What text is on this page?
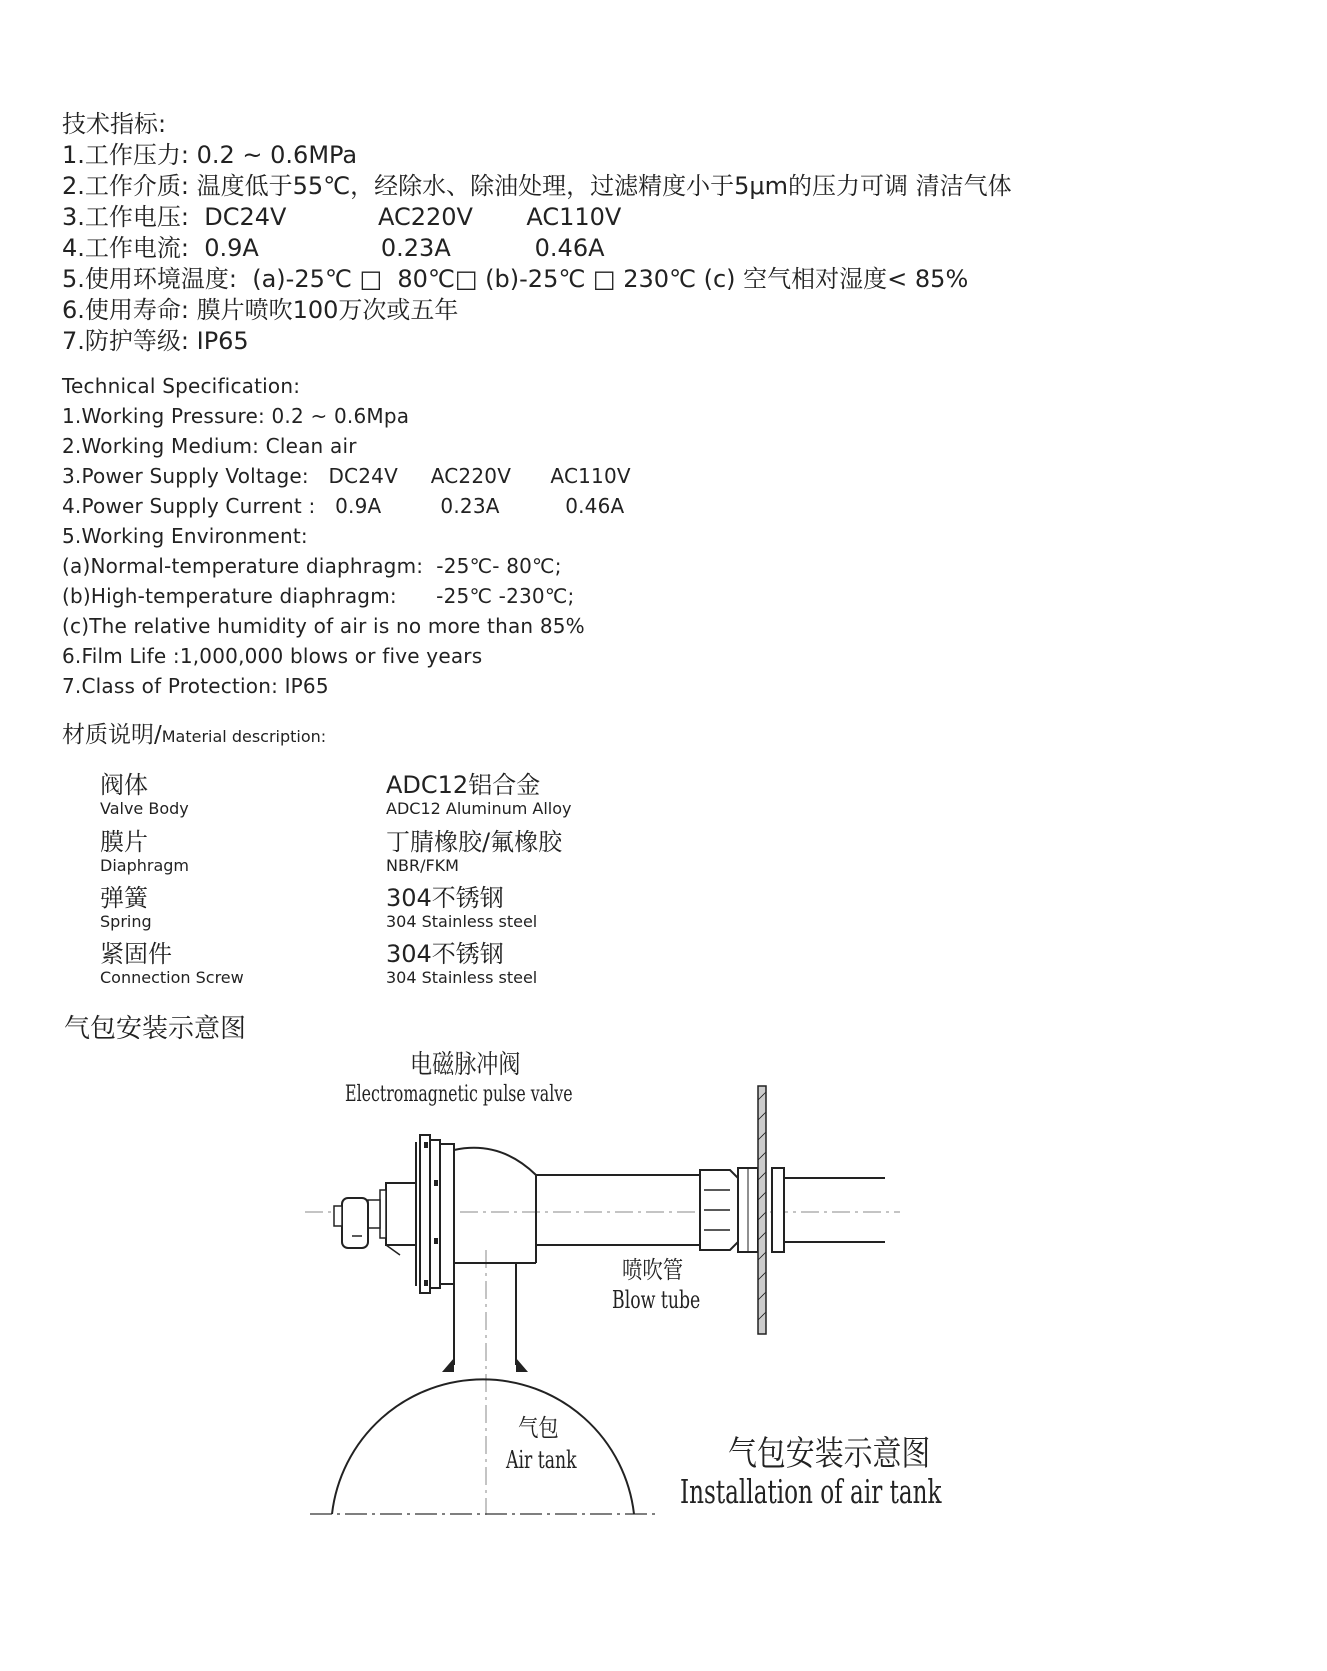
技术指标:
1.工作压力: 0.2 ~ 0.6MPa
2.工作介质: 温度低于55℃，经除水、除油处理，过滤精度小于5μm的压力可调 清洁气体
3.工作电压:  DC24V            AC220V       AC110V
4.工作电流:  0.9A                0.23A           0.46A
5.使用环境温度:  (a)-25℃ □  80℃□ (b)-25℃ □ 230℃ (c) 空气相对湿度< 85%
6.使用寿命: 膜片喷吹100万次或五年
7.防护等级: IP65
Technical Specification:
1.Working Pressure: 0.2 ~ 0.6Mpa
2.Working Medium: Clean air
3.Power Supply Voltage:   DC24V     AC220V      AC110V
4.Power Supply Current :   0.9A         0.23A          0.46A
5.Working Environment:
(a)Normal-temperature diaphragm:  -25℃- 80℃;
(b)High-temperature diaphragm:      -25℃ -230℃;
(c)The relative humidity of air is no more than 85%
6.Film Life :1,000,000 blows or five years
7.Class of Protection: IP65
材质说明/Material description:
阀体
Valve Body
ADC12铝合金
ADC12 Aluminum Alloy
膜片
Diaphragm
丁腈橡胶/氟橡胶
NBR/FKM
弹簧
Spring
304不锈钢
304 Stainless steel
紧固件
Connection Screw
304不锈钢
304 Stainless steel
气包安装示意图
电磁脉冲阀
Electromagnetic pulse valve
喷吹管
Blow tube
气包
Air tank	气包安装示意图
Installation of air tank
